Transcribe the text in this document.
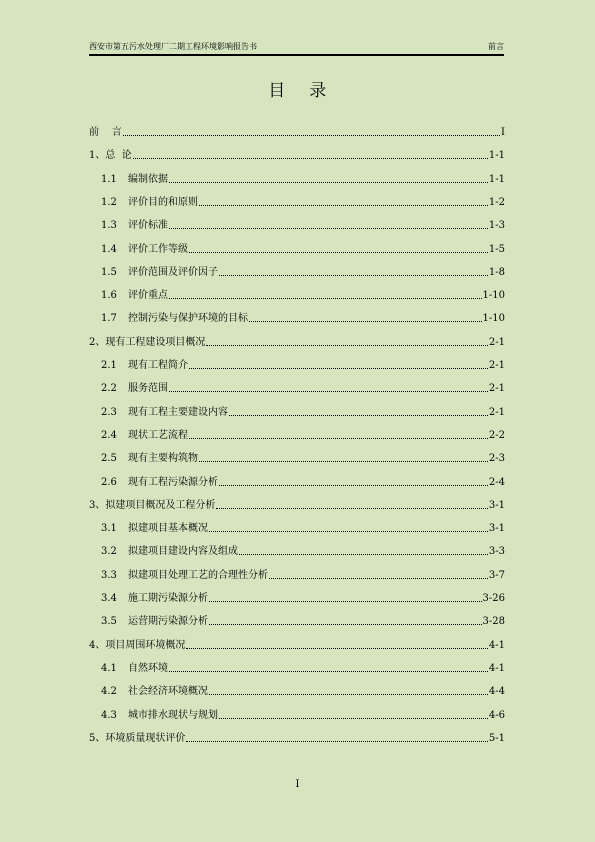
西安市第五污水处理厂二期工程环境影响报告书	前言
目    录
前    言	I
1、 总  论	1-1
1.1	编制依据	1-1
1.2	评价目的和原则	1-2
1.3	评价标准	1-3
1.4	评价工作等级	1-5
1.5	评价范围及评价因子	1-8
1.6	评价重点	1-10
1.7	控制污染与保护环境的目标	1-10
2、 现有工程建设项目概况	2-1
2.1	现有工程简介	2-1
2.2	服务范围	2-1
2.3	现有工程主要建设内容	2-1
2.4	现状工艺流程	2-2
2.5	现有主要构筑物	2-3
2.6	现有工程污染源分析	2-4
3、 拟建项目概况及工程分析	3-1
3.1	拟建项目基本概况	3-1
3.2	拟建项目建设内容及组成	3-3
3.3	拟建项目处理工艺的合理性分析	3-7
3.4	施工期污染源分析	3-26
3.5	运营期污染源分析	3-28
4、 项目周围环境概况	4-1
4.1	自然环境	4-1
4.2	社会经济环境概况	4-4
4.3	城市排水现状与规划	4-6
5、 环境质量现状评价	5-1
I
